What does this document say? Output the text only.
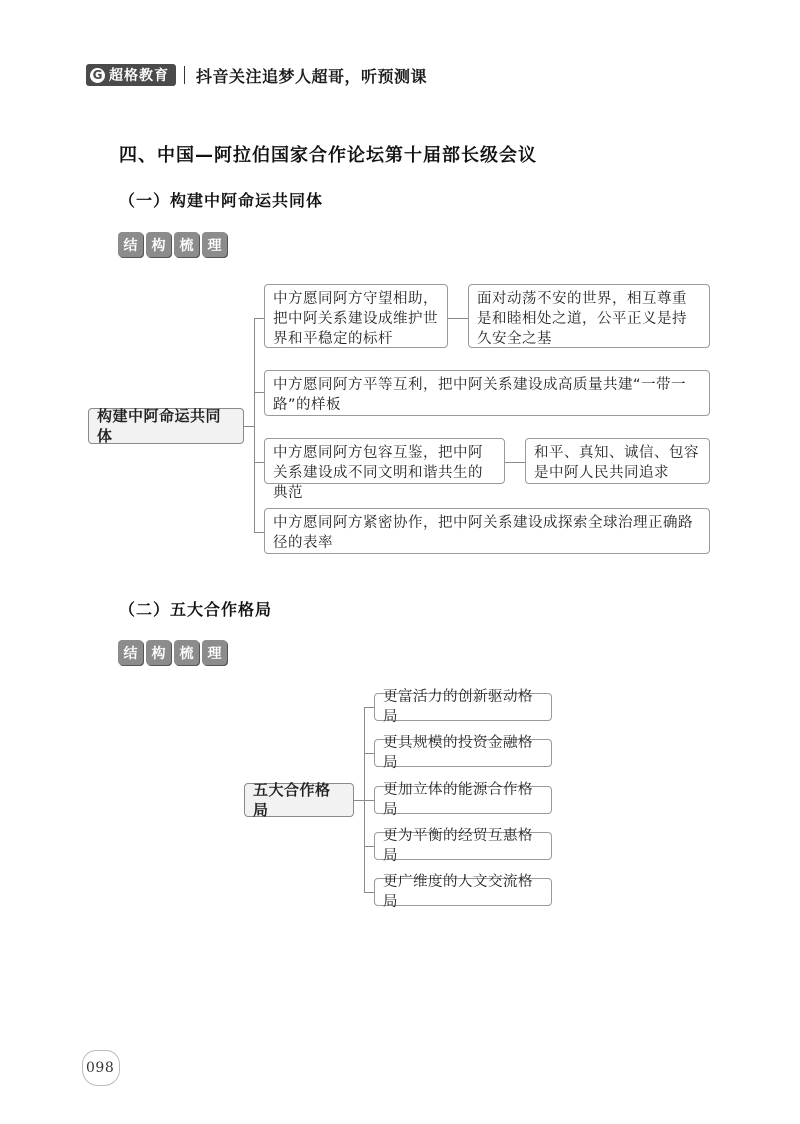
G 超格教育 抖音关注追梦人超哥，听预测课
四、中国—阿拉伯国家合作论坛第十届部长级会议
（一）构建中阿命运共同体
结	构	梳	理
构建中阿命运共同体
中方愿同阿方守望相助，把中阿关系建设成维护世界和平稳定的标杆
面对动荡不安的世界，相互尊重是和睦相处之道，公平正义是持久安全之基
中方愿同阿方平等互利，把中阿关系建设成高质量共建“一带一路”的样板
中方愿同阿方包容互鉴，把中阿关系建设成不同文明和谐共生的典范
和平、真知、诚信、包容是中阿人民共同追求
中方愿同阿方紧密协作，把中阿关系建设成探索全球治理正确路径的表率
（二）五大合作格局
结	构	梳	理
五大合作格局
更富活力的创新驱动格局
更具规模的投资金融格局
更加立体的能源合作格局
更为平衡的经贸互惠格局
更广维度的人文交流格局
098
